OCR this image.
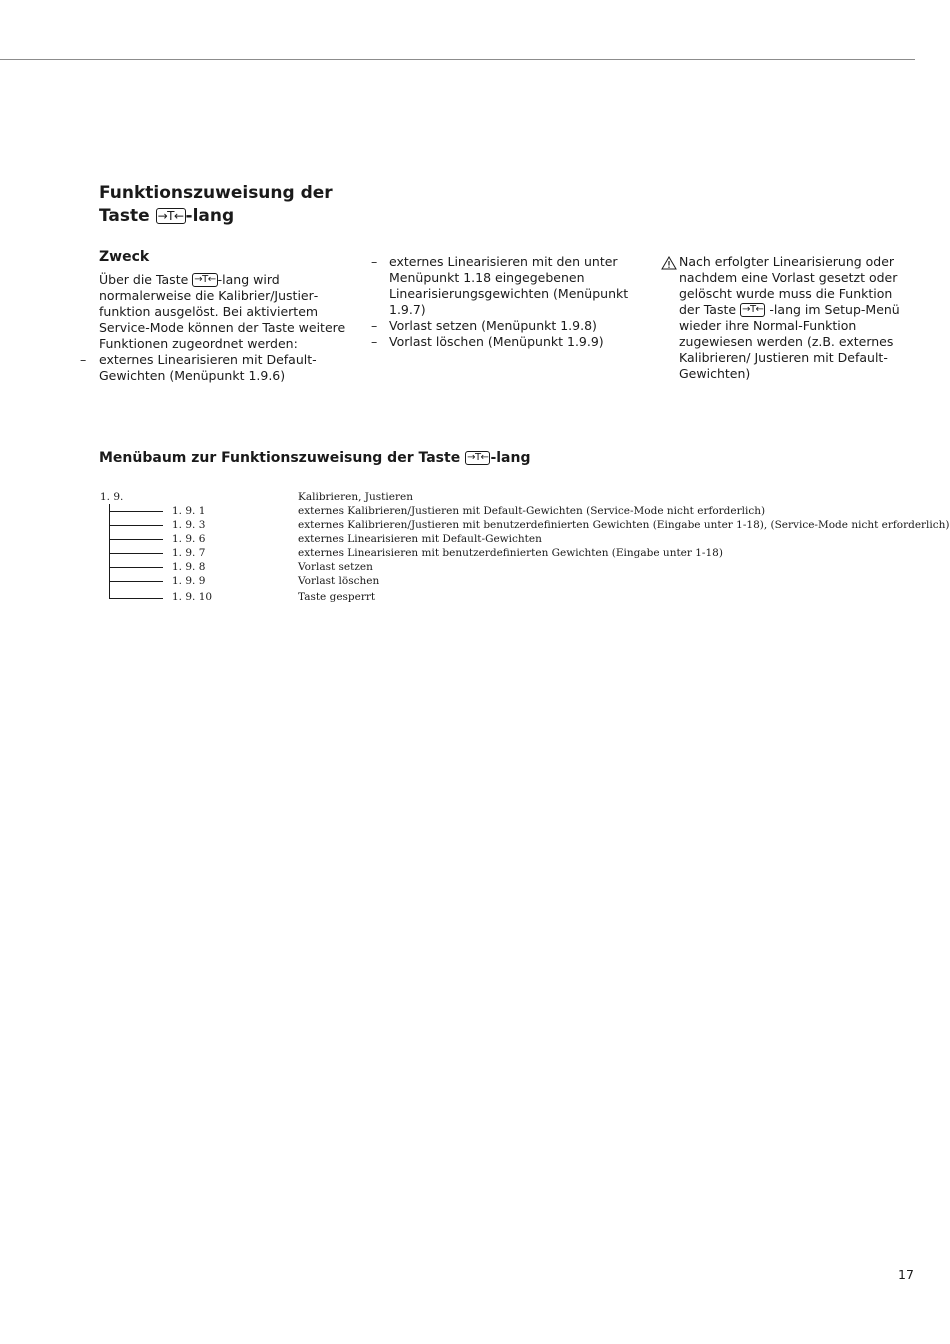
Funktionszuweisung der
Taste →T← -lang
Zweck

Über die Taste →T← -lang wird normalerweise die Kalibrier/Justierfunktion ausgelöst. Bei aktiviertem Service-Mode können der Taste weitere Funktionen zugeordnet werden:

– externes Linearisieren mit Default-Gewichten (Menüpunkt 1.9.6)
– externes Linearisieren mit den unter Menüpunkt 1.18 eingegebenen Linearisierungsgewichten (Menüpunkt 1.9.7)
– Vorlast setzen (Menüpunkt 1.9.8)
– Vorlast löschen (Menüpunkt 1.9.9)
Nach erfolgter Linearisierung oder nachdem eine Vorlast gesetzt oder gelöscht wurde muss die Funktion der Taste →T← -lang im Setup-Menü wieder ihre Normal-Funktion zugewiesen werden (z.B. externes Kalibrieren/ Justieren mit Default-Gewichten)
Menübaum zur Funktionszuweisung der Taste →T← -lang
1. 9.	Kalibrieren, Justieren
1. 9. 1	externes Kalibrieren/Justieren mit Default-Gewichten (Service-Mode nicht erforderlich)
1. 9. 3	externes Kalibrieren/Justieren mit benutzerdefinierten Gewichten (Eingabe unter 1-18), (Service-Mode nicht erforderlich)
1. 9. 6	externes Linearisieren mit Default-Gewichten
1. 9. 7	externes Linearisieren mit benutzerdefinierten Gewichten (Eingabe unter 1-18)
1. 9. 8	Vorlast setzen
1. 9. 9	Vorlast löschen
1. 9. 10	Taste gesperrt
17
